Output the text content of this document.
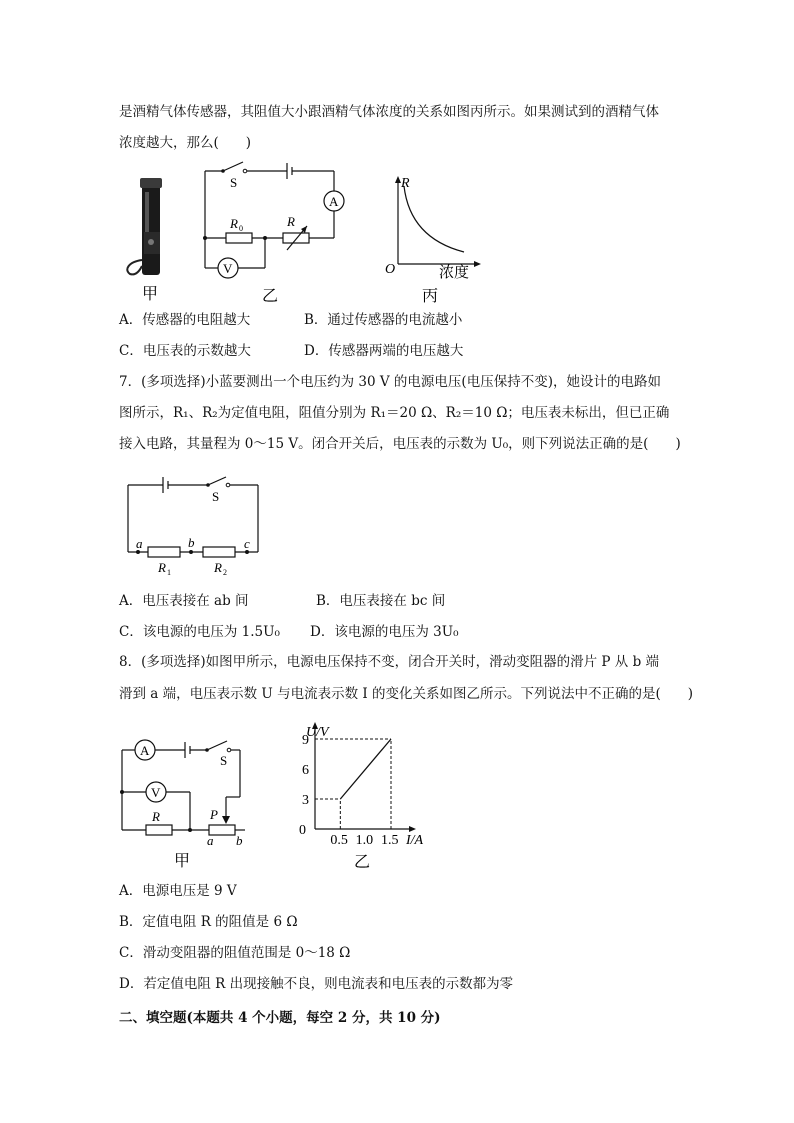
是酒精气体传感器，其阻值大小跟酒精气体浓度的关系如图丙所示。如果测试到的酒精气体
浓度越大，那么(　　)
甲
A
V
S
R 0	R
乙
R
O	浓度
丙
A．传感器的电阻越大	B．通过传感器的电流越小
C．电压表的示数越大	D．传感器两端的电压越大
7．(多项选择)小蓝要测出一个电压约为 30 V 的电源电压(电压保持不变)，她设计的电路如
图所示，R₁、R₂为定值电阻，阻值分别为 R₁＝20 Ω、R₂＝10 Ω；电压表未标出，但已正确
接入电路，其量程为 0～15 V。闭合开关后，电压表的示数为 U₀，则下列说法正确的是(　　)
S
a	b	c
R 1	R 2
A．电压表接在 ab 间	B．电压表接在 bc 间
C．该电源的电压为 1.5U₀ D．该电源的电压为 3U₀
8．(多项选择)如图甲所示，电源电压保持不变，闭合开关时，滑动变阻器的滑片 P 从 b 端
滑到 a 端，电压表示数 U 与电流表示数 I 的变化关系如图乙所示。下列说法中不正确的是(　　)
A
V
S
R	P
a b
甲
0.5 1.0 1.5
3
6
9
U/V
I/A
0
乙
A．电源电压是 9 V
B．定值电阻 R 的阻值是 6 Ω
C．滑动变阻器的阻值范围是 0～18 Ω
D．若定值电阻 R 出现接触不良，则电流表和电压表的示数都为零
二、填空题(本题共 4 个小题，每空 2 分，共 10 分)
